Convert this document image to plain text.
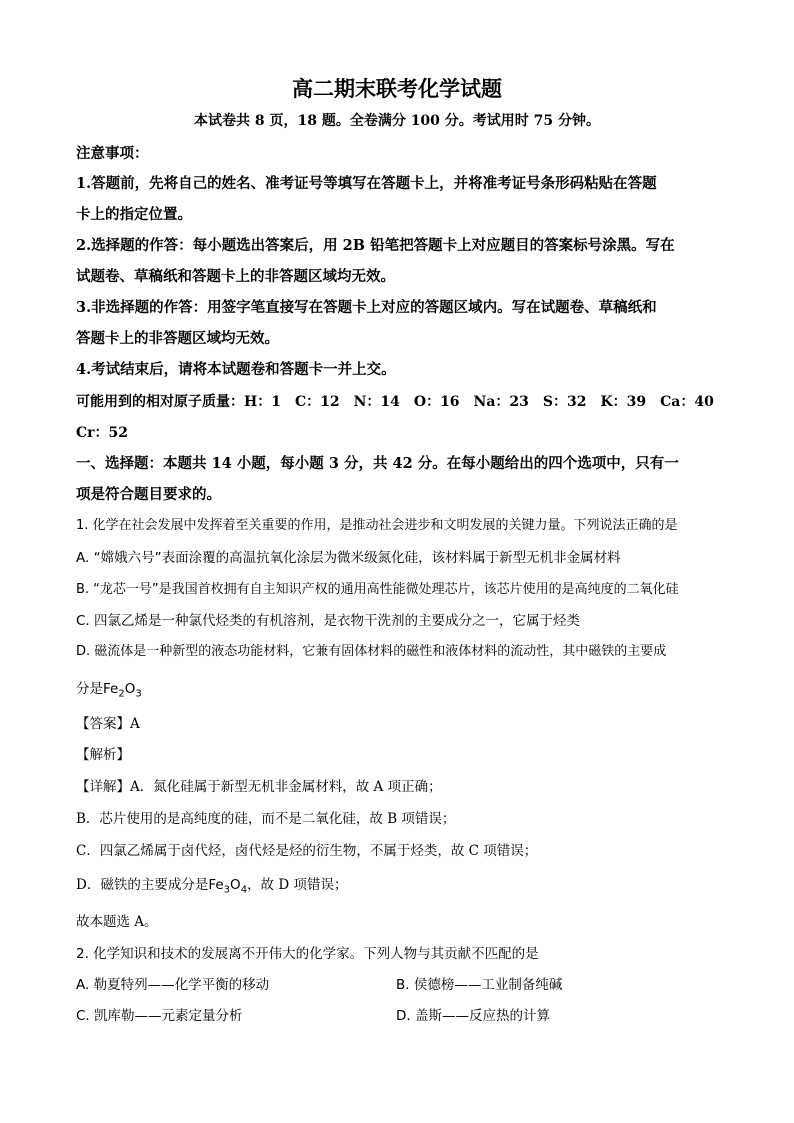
高二期末联考化学试题
本试卷共 8 页，18 题。全卷满分 100 分。考试用时 75 分钟。
注意事项：
1.答题前，先将自己的姓名、准考证号等填写在答题卡上，并将准考证号条形码粘贴在答题
卡上的指定位置。
2.选择题的作答：每小题选出答案后，用 2B 铅笔把答题卡上对应题目的答案标号涂黑。写在
试题卷、草稿纸和答题卡上的非答题区域均无效。
3.非选择题的作答：用签字笔直接写在答题卡上对应的答题区域内。写在试题卷、草稿纸和
答题卡上的非答题区域均无效。
4.考试结束后，请将本试题卷和答题卡一并上交。
可能用到的相对原子质量：H：1　C：12　N：14　O：16　Na：23　S：32　K：39　Ca：40
Cr：52
一、选择题：本题共 14 小题，每小题 3 分，共 42 分。在每小题给出的四个选项中，只有一
项是符合题目要求的。
1. 化学在社会发展中发挥着至关重要的作用，是推动社会进步和文明发展的关键力量。下列说法正确的是
A. “嫦娥六号”表面涂覆的高温抗氧化涂层为微米级氮化硅，该材料属于新型无机非金属材料
B. “龙芯一号”是我国首枚拥有自主知识产权的通用高性能微处理芯片，该芯片使用的是高纯度的二氧化硅
C. 四氯乙烯是一种氯代烃类的有机溶剂，是衣物干洗剂的主要成分之一，它属于烃类
D. 磁流体是一种新型的液态功能材料，它兼有固体材料的磁性和液体材料的流动性，其中磁铁的主要成
分是$Fe_2O_3$
【答案】A
【解析】
【详解】A．氮化硅属于新型无机非金属材料，故 A 项正确；
B．芯片使用的是高纯度的硅，而不是二氧化硅，故 B 项错误；
C．四氯乙烯属于卤代烃，卤代烃是烃的衍生物，不属于烃类，故 C 项错误；
D．磁铁的主要成分是$Fe_3O_4$，故 D 项错误；
故本题选 A。
2. 化学知识和技术的发展离不开伟大的化学家。下列人物与其贡献不匹配的是
A. 勒夏特列——化学平衡的移动	B. 侯德榜——工业制备纯碱
C. 凯库勒——元素定量分析	D. 盖斯——反应热的计算
